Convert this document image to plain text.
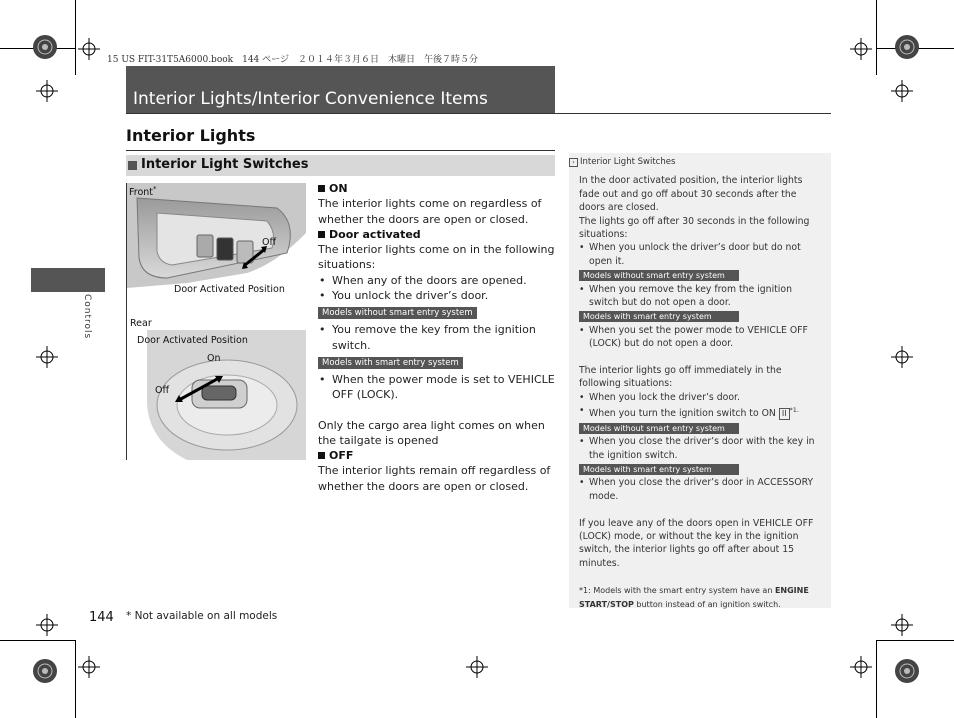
15 US FIT-31T5A6000.book　144 ページ　２０１４年３月６日　木曜日　午後７時５分
Interior Lights/Interior Convenience Items
Controls
Interior Lights
Interior Light Switches
Front*
Off
Door Activated Position
Rear
Door Activated Position
On
Off

ON

The interior lights come on regardless of whether the doors are open or closed.

Door activated

The interior lights come on in the following situations:

• When any of the doors are opened.

• You unlock the driver’s door.

Models without smart entry system

• You remove the key from the ignition switch.

Models with smart entry system

• When the power mode is set to VEHICLE OFF (LOCK).

Only the cargo area light comes on when the tailgate is opened

OFF

The interior lights remain off regardless of whether the doors are open or closed.

› Interior Light Switches

In the door activated position, the interior lights fade out and go off about 30 seconds after the doors are closed.

The lights go off after 30 seconds in the following situations:

• When you unlock the driver’s door but do not open it.

Models without smart entry system

• When you remove the key from the ignition switch but do not open a door.

Models with smart entry system

• When you set the power mode to VEHICLE OFF (LOCK) but do not open a door.

The interior lights go off immediately in the following situations:

• When you lock the driver’s door.

• When you turn the ignition switch to ON II $^{*1.}$

Models without smart entry system

• When you close the driver’s door with the key in the ignition switch.

Models with smart entry system

• When you close the driver’s door in ACCESSORY mode.

If you leave any of the doors open in VEHICLE OFF (LOCK) mode, or without the key in the ignition switch, the interior lights go off after about 15 minutes.

*1: Models with the smart entry system have an ENGINE START/STOP button instead of an ignition switch.

144 * Not available on all models
